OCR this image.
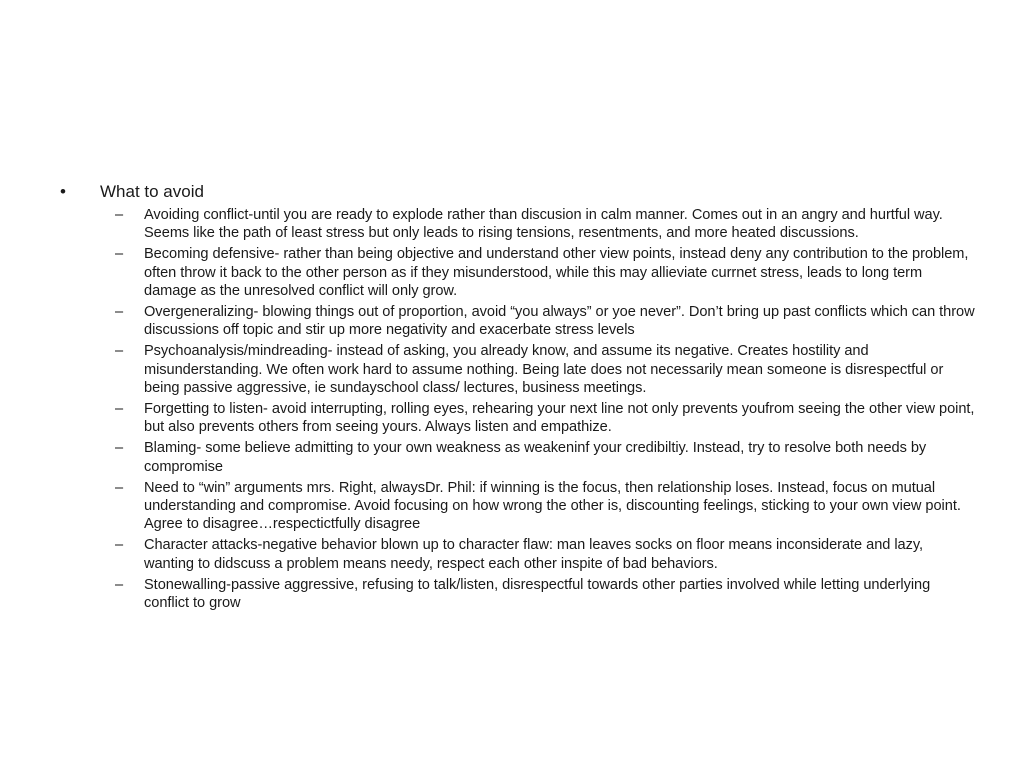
•	What to avoid
– Avoiding conflict-until you are ready to explode rather than discusion in calm manner. Comes out in an angry and hurtful way. Seems like the path of least stress but only leads to rising tensions, resentments, and more heated discussions.
– Becoming defensive- rather than being objective and understand other view points, instead deny any contribution to the problem, often throw it back to the other person as if they misunderstood, while this may allieviate currnet stress, leads to long term damage as the unresolved conflict will only grow.
– Overgeneralizing- blowing things out of proportion, avoid “you always” or yoe never”. Don’t bring up past conflicts which can throw discussions off topic and stir up more negativity and exacerbate stress levels
– Psychoanalysis/mindreading- instead of asking, you already know, and assume its negative. Creates hostility and misunderstanding. We often work hard to assume nothing. Being late does not necessarily mean someone is disrespectful or being passive aggressive, ie sundayschool class/ lectures, business meetings.
– Forgetting to listen- avoid interrupting, rolling eyes, rehearing your next line not only prevents youfrom seeing the other view point, but also prevents others from seeing yours. Always listen and empathize.
– Blaming- some believe admitting to your own weakness as weakeninf your credibiltiy. Instead, try to resolve both needs by compromise
– Need to “win” arguments mrs. Right, alwaysDr. Phil: if winning is the focus, then relationship loses. Instead, focus on mutual understanding and compromise. Avoid focusing on how wrong the other is, discounting feelings, sticking to your own view point. Agree to disagree…respectictfully disagree
– Character attacks-negative behavior blown up to character flaw: man leaves socks on floor means inconsiderate and lazy, wanting to didscuss a problem means needy, respect each other inspite of bad behaviors.
– Stonewalling-passive aggressive, refusing to talk/listen, disrespectful towards other parties involved while letting underlying conflict to grow
